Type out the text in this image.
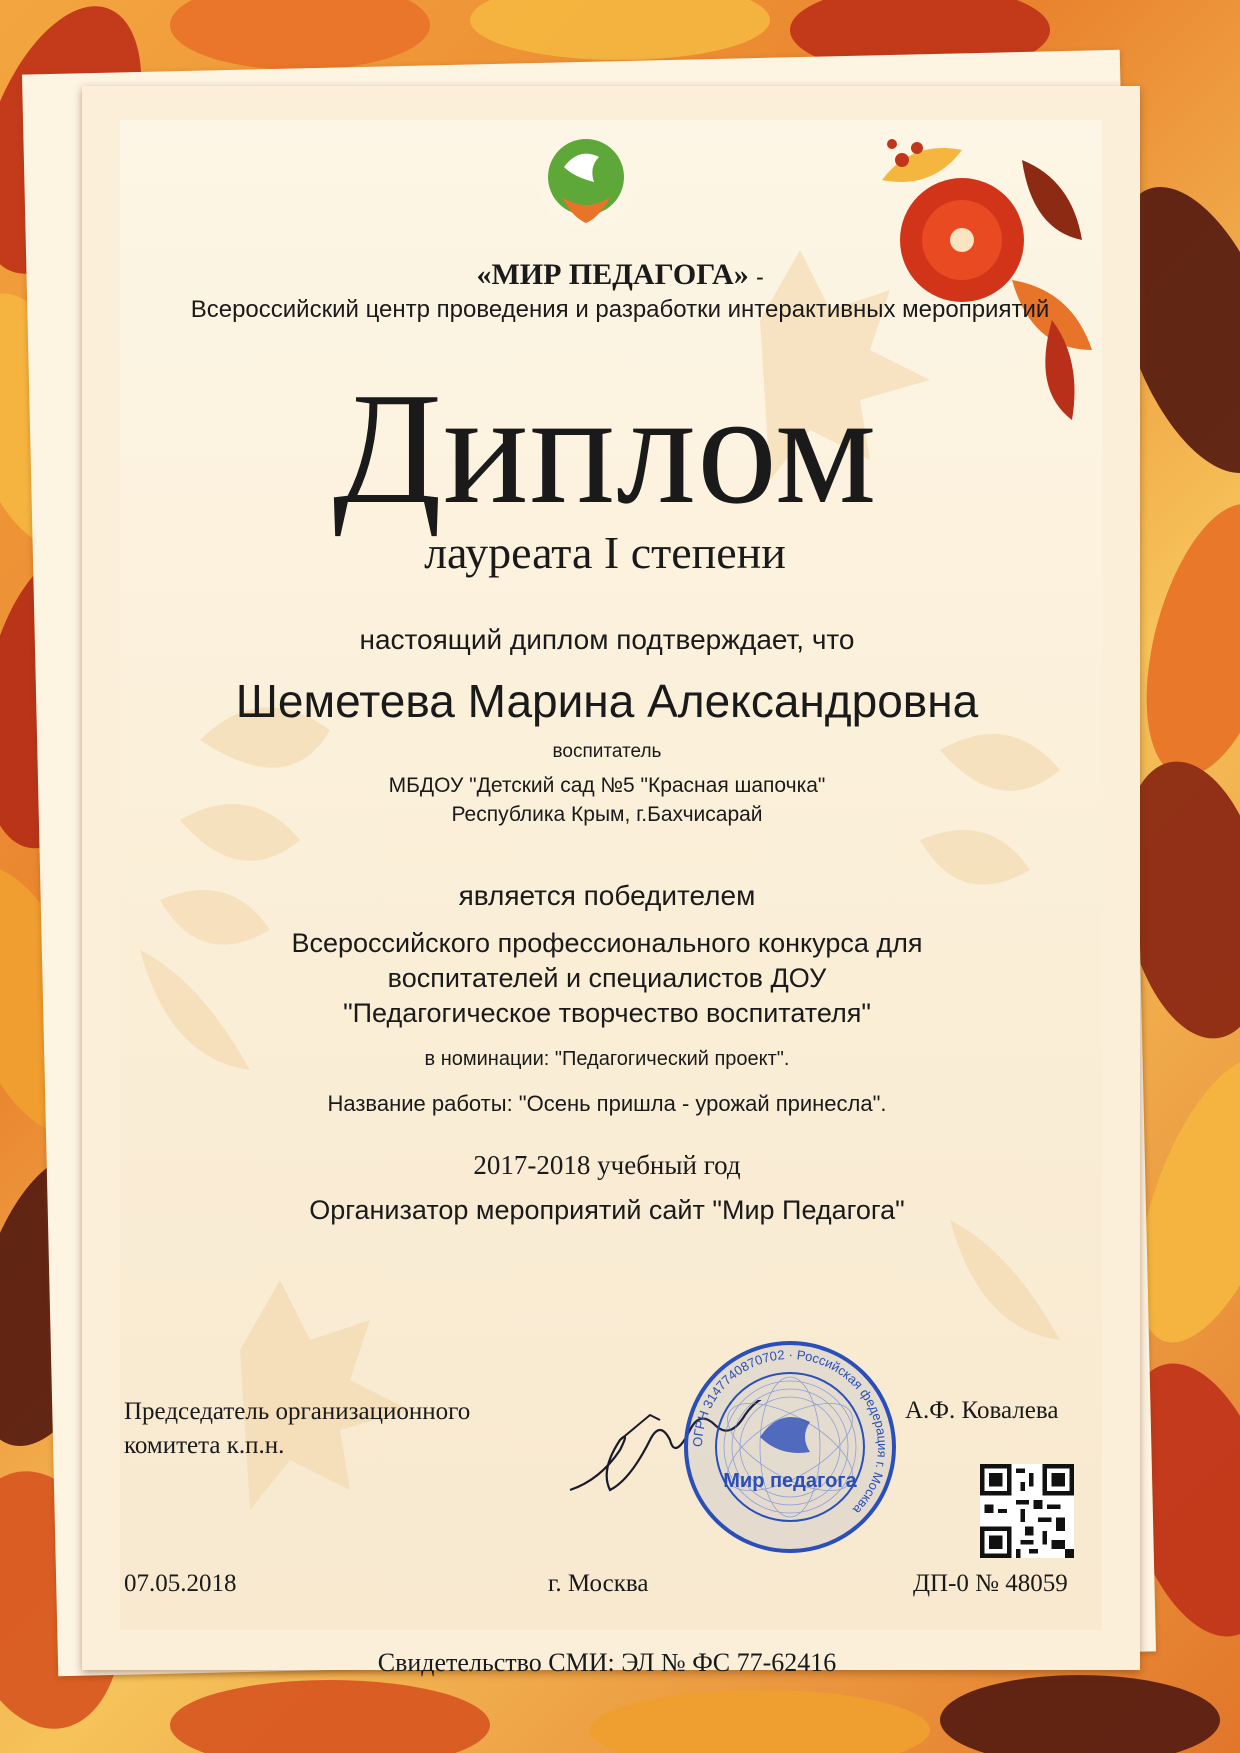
«МИР ПЕДАГОГА» -
Всероссийский центр проведения и разработки интерактивных мероприятий
Диплом
лауреата I степени
настоящий диплом подтверждает, что
Шеметева Марина Александровна
воспитатель
МБДОУ "Детский сад №5 "Красная шапочка"
Республика Крым, г.Бахчисарай
является победителем
Всероссийского профессионального конкурса для
воспитателей и специалистов ДОУ
"Педагогическое творчество воспитателя"
в номинации: "Педагогический проект".
Название работы: "Осень пришла - урожай принесла".
2017-2018 учебный год
Организатор мероприятий сайт "Мир Педагога"
Председатель организационного
комитета к.п.н.	ОГРН 3147740870702 · Российская федерация г. Москва
Мир педагога
А.Ф. Ковалева
07.05.2018	г. Москва	ДП-0 № 48059
Свидетельство СМИ: ЭЛ № ФС 77-62416
